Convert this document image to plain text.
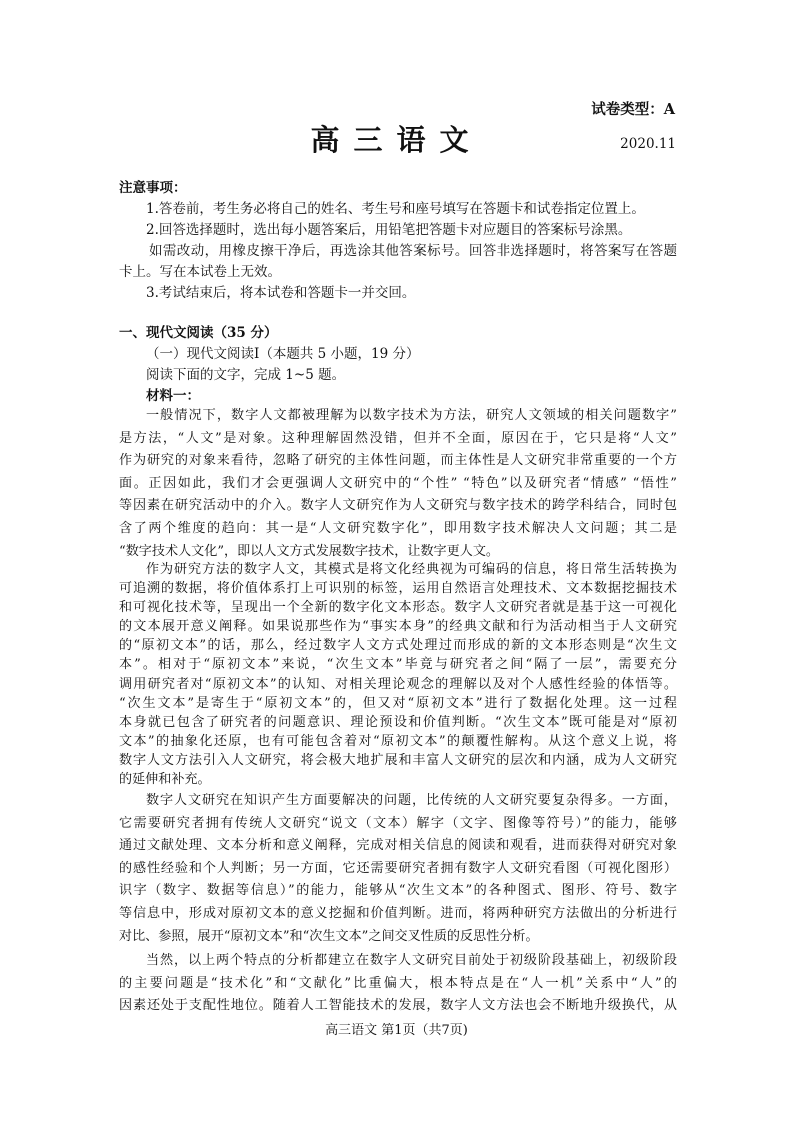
试卷类型：A
高三语文	2020.11
注意事项：
1.答卷前，考生务必将自己的姓名、考生号和座号填写在答题卡和试卷指定位置上。
2.回答选择题时，选出每小题答案后，用铅笔把答题卡对应题目的答案标号涂黑。
如需改动，用橡皮擦干净后，再选涂其他答案标号。回答非选择题时，将答案写在答题
卡上。写在本试卷上无效。
3.考试结束后，将本试卷和答题卡一并交回。
一、现代文阅读（35 分）
（一）现代文阅读Ⅰ（本题共 5 小题，19 分）
阅读下面的文字，完成 1~5 题。
材料一：
一般情况下，数字人文都被理解为以数字技术为方法，研究人文领域的相关问题数字”
是方法，“人文”是对象。这种理解固然没错，但并不全面，原因在于，它只是将“人文”
作为研究的对象来看待，忽略了研究的主体性问题，而主体性是人文研究非常重要的一个方
面。正因如此，我们才会更强调人文研究中的“个性” “特色”以及研究者“情感” “悟性”
等因素在研究活动中的介入。数字人文研究作为人文研究与数字技术的跨学科结合，同时包
含了两个维度的趋向：其一是“人文研究数字化”，即用数字技术解决人文问题；其二是
“数字技术人文化”，即以人文方式发展数字技术，让数字更人文。
作为研究方法的数字人文，其模式是将文化经典视为可编码的信息，将日常生活转换为
可追溯的数据，将价值体系打上可识别的标签，运用自然语言处理技术、文本数据挖掘技术
和可视化技术等，呈现出一个全新的数字化文本形态。数字人文研究者就是基于这一可视化
的文本展开意义阐释。如果说那些作为“事实本身”的经典文献和行为活动相当于人文研究
的“原初文本”的话，那么，经过数字人文方式处理过而形成的新的文本形态则是“次生文
本”。相对于“原初文本”来说，“次生文本”毕竟与研究者之间“隔了一层”，需要充分
调用研究者对“原初文本”的认知、对相关理论观念的理解以及对个人感性经验的体悟等。
“次生文本”是寄生于“原初文本”的，但又对“原初文本”进行了数据化处理。这一过程
本身就已包含了研究者的问题意识、理论预设和价值判断。“次生文本”既可能是对“原初
文本”的抽象化还原，也有可能包含着对“原初文本”的颠覆性解构。从这个意义上说，将
数字人文方法引入人文研究，将会极大地扩展和丰富人文研究的层次和内涵，成为人文研究
的延伸和补充。
数字人文研究在知识产生方面要解决的问题，比传统的人文研究要复杂得多。一方面，
它需要研究者拥有传统人文研究“说文（文本）解字（文字、图像等符号）”的能力，能够
通过文献处理、文本分析和意义阐释，完成对相关信息的阅读和观看，进而获得对研究对象
的感性经验和个人判断；另一方面，它还需要研究者拥有数字人文研究看图（可视化图形）
识字（数字、数据等信息）”的能力，能够从“次生文本”的各种图式、图形、符号、数字
等信息中，形成对原初文本的意义挖掘和价值判断。进而，将两种研究方法做出的分析进行
对比、参照，展开“原初文本”和“次生文本”之间交叉性质的反思性分析。
当然，以上两个特点的分析都建立在数字人文研究目前处于初级阶段基础上，初级阶段
的主要问题是“技术化”和“文献化”比重偏大，根本特点是在“人一机”关系中“人”的
因素还处于支配性地位。随着人工智能技术的发展，数字人文方法也会不断地升级换代，从
高三语文 第1页（共7页)
